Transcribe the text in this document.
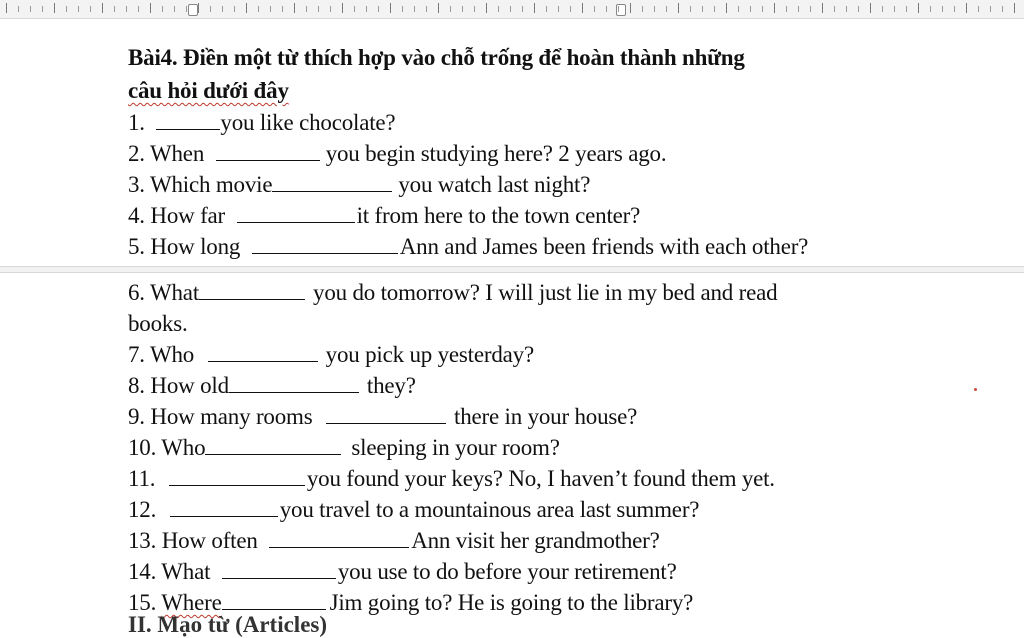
Bài4. Điền một từ thích hợp vào chỗ trống để hoàn thành những
câu hỏi dưới đây
1.	you like chocolate?
2. When	you begin studying here? 2 years ago.
3. Which movie	you watch last night?
4. How far	it from here to the town center?
5. How long	Ann and James been friends with each other?
6. What	you do tomorrow? I will just lie in my bed and read
books.
7. Who	you pick up yesterday?
8. How old	they?
9. How many rooms	there in your house?
10. Who	sleeping in your room?
11.	you found your keys? No, I haven’t found them yet.
12.	you travel to a mountainous area last summer?
13. How often	Ann visit her grandmother?
14. What	you use to do before your retirement?
15. Where	Jim going to? He is going to the library?
II. Mạo từ (Articles)
